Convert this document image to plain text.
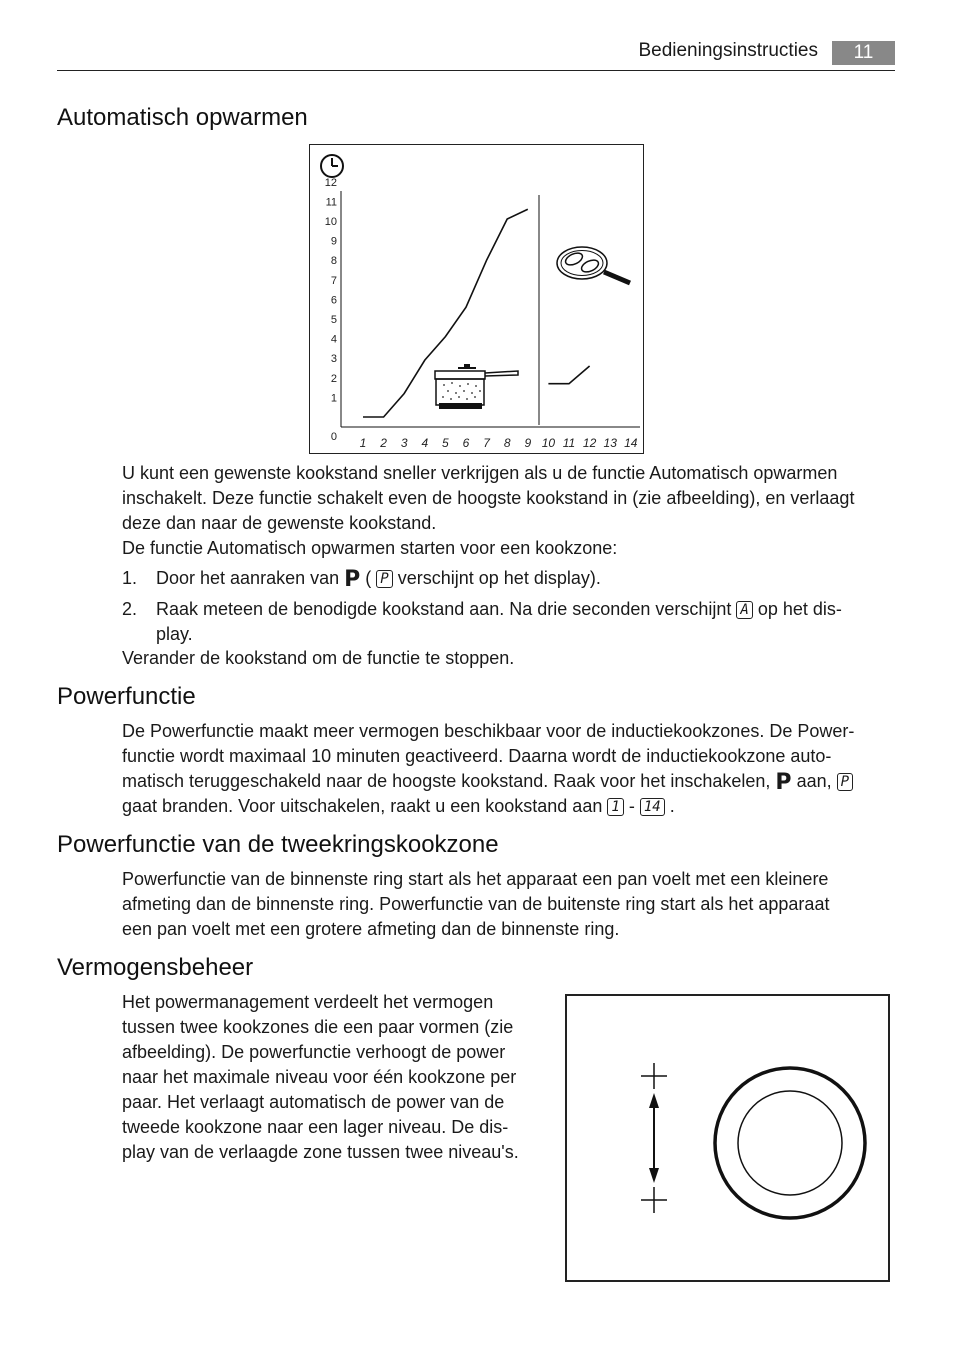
Bedieningsinstructies	11
Automatisch opwarmen
0
1
2
3
4
5
6
7
8
9
10
11
12
1 2 3 4 5 6 7 8 9 10 11 12 13 14
U kunt een gewenste kookstand sneller verkrijgen als u de functie Automatisch opwarmen
inschakelt. Deze functie schakelt even de hoogste kookstand in (zie afbeelding), en verlaagt
deze dan naar de gewenste kookstand.
De functie Automatisch opwarmen starten voor een kookzone:
1. Door het aanraken van P ( P verschijnt op het display).
2. Raak meteen de benodigde kookstand aan. Na drie seconden verschijnt A op het dis-
play.
Verander de kookstand om de functie te stoppen.
Powerfunctie
De Powerfunctie maakt meer vermogen beschikbaar voor de inductiekookzones. De Power-
functie wordt maximaal 10 minuten geactiveerd. Daarna wordt de inductiekookzone auto-
matisch teruggeschakeld naar de hoogste kookstand. Raak voor het inschakelen, P aan, P
gaat branden. Voor uitschakelen, raakt u een kookstand aan 1 - 14 .
Powerfunctie van de tweekringskookzone
Powerfunctie van de binnenste ring start als het apparaat een pan voelt met een kleinere
afmeting dan de binnenste ring. Powerfunctie van de buitenste ring start als het apparaat
een pan voelt met een grotere afmeting dan de binnenste ring.
Vermogensbeheer
Het powermanagement verdeelt het vermogen
tussen twee kookzones die een paar vormen (zie
afbeelding). De powerfunctie verhoogt de power
naar het maximale niveau voor één kookzone per
paar. Het verlaagt automatisch de power van de
tweede kookzone naar een lager niveau. De dis-
play van de verlaagde zone tussen twee niveau's.
